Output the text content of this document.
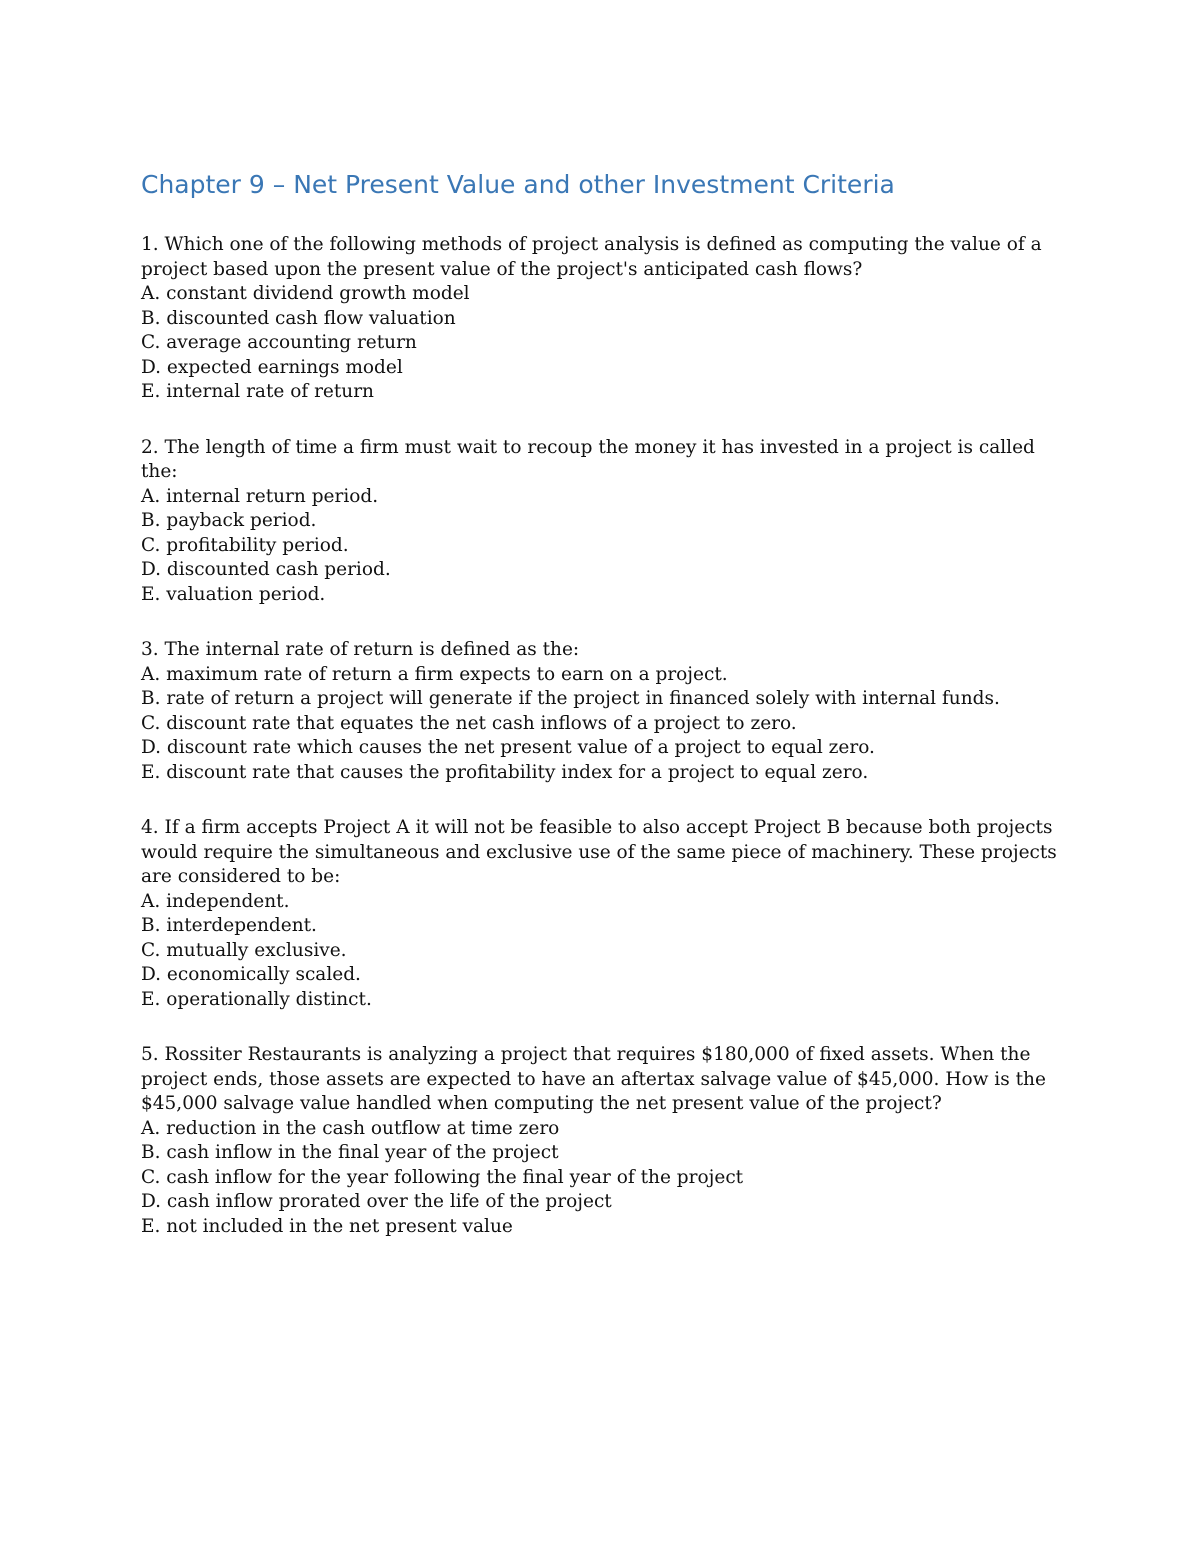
Chapter 9 – Net Present Value and other Investment Criteria

1. Which one of the following methods of project analysis is defined as computing the value of a project based upon the present value of the project's anticipated cash flows?

A. constant dividend growth model

B. discounted cash flow valuation

C. average accounting return

D. expected earnings model

E. internal rate of return

2. The length of time a firm must wait to recoup the money it has invested in a project is called the:

A. internal return period.

B. payback period.

C. profitability period.

D. discounted cash period.

E. valuation period.

3. The internal rate of return is defined as the:

A. maximum rate of return a firm expects to earn on a project.

B. rate of return a project will generate if the project in financed solely with internal funds.

C. discount rate that equates the net cash inflows of a project to zero.

D. discount rate which causes the net present value of a project to equal zero.

E. discount rate that causes the profitability index for a project to equal zero.

4. If a firm accepts Project A it will not be feasible to also accept Project B because both projects would require the simultaneous and exclusive use of the same piece of machinery. These projects are considered to be:

A. independent.

B. interdependent.

C. mutually exclusive.

D. economically scaled.

E. operationally distinct.

5. Rossiter Restaurants is analyzing a project that requires $180,000 of fixed assets. When the project ends, those assets are expected to have an aftertax salvage value of $45,000. How is the $45,000 salvage value handled when computing the net present value of the project?

A. reduction in the cash outflow at time zero

B. cash inflow in the final year of the project

C. cash inflow for the year following the final year of the project

D. cash inflow prorated over the life of the project

E. not included in the net present value
